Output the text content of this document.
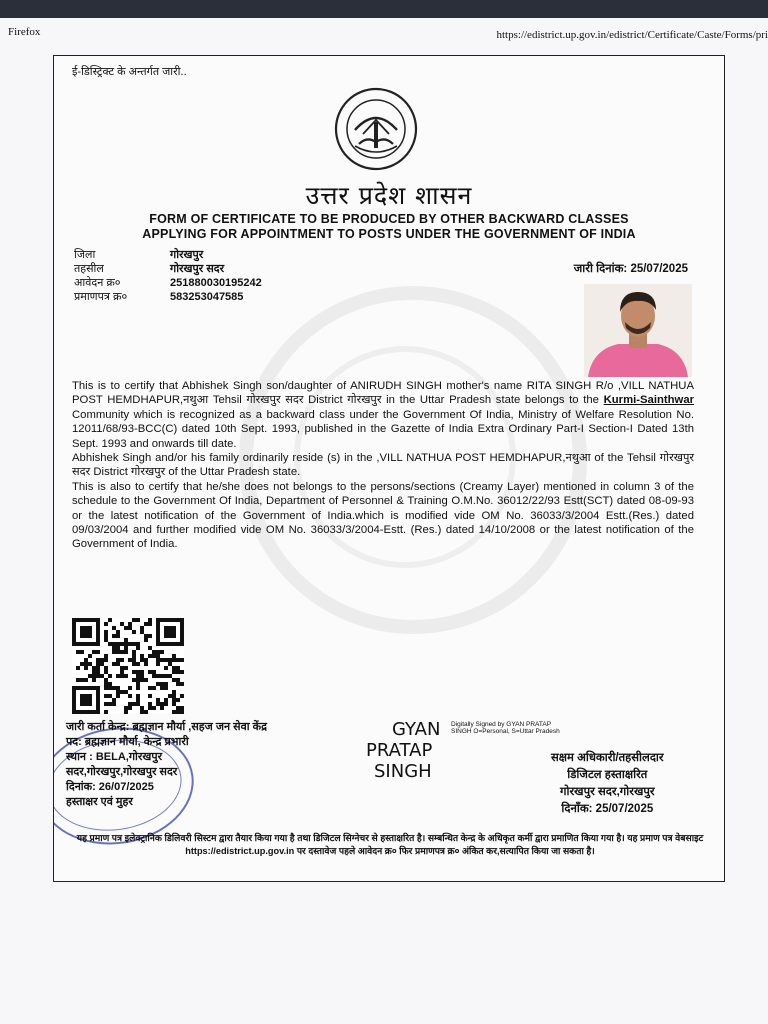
Firefox	https://edistrict.up.gov.in/edistrict/Certificate/Caste/Forms/pri
ई-डिस्ट्रिक्ट के अन्तर्गत जारी..
उत्तर प्रदेश शासन
FORM OF CERTIFICATE TO BE PRODUCED BY OTHER BACKWARD CLASSES
APPLYING FOR APPOINTMENT TO POSTS UNDER THE GOVERNMENT OF INDIA
जिला	गोरखपुर
तहसील	गोरखपुर सदर
आवेदन क्र०	251880030195242
प्रमाणपत्र क्र०	583253047585
जारी दिनांक: 25/07/2025

This is to certify that Abhishek Singh son/daughter of ANIRUDH SINGH mother's name RITA SINGH R/o ,VILL NATHUA POST HEMDHAPUR,नथुआ Tehsil गोरखपुर सदर District गोरखपुर in the Uttar Pradesh state belongs to the Kurmi-Sainthwar Community which is recognized as a backward class under the Government Of India, Ministry of Welfare Resolution No. 12011/68/93-BCC(C) dated 10th Sept. 1993, published in the Gazette of India Extra Ordinary Part-I Section-I Dated 13th Sept. 1993 and onwards till date.

Abhishek Singh and/or his family ordinarily reside (s) in the ,VILL NATHUA POST HEMDHAPUR,नथुआ of the Tehsil गोरखपुर सदर District गोरखपुर of the Uttar Pradesh state.

This is also to certify that he/she does not belongs to the persons/sections (Creamy Layer) mentioned in column 3 of the schedule to the Government Of India, Department of Personnel & Training O.M.No. 36012/22/93 Estt(SCT) dated 08-09-93 or the latest notification of the Government of India.which is modified vide OM No. 36033/3/2004 Estt.(Res.) dated 09/03/2004 and further modified vide OM No. 36033/3/2004-Estt. (Res.) dated 14/10/2008 or the latest notification of the Government of India.

जारी कर्ता केन्द्र: ब्रह्मज्ञान मौर्या ,सहज जन सेवा केंद्र
पद: ब्रह्मज्ञान मौर्या, केन्द्र प्रभारी
स्थान : BELA,गोरखपुर
सदर,गोरखपुर,गोरखपुर सदर
दिनांक: 26/07/2025
हस्ताक्षर एवं मुहर
GYAN
PRATAP
SINGH
Digitally Signed by GYAN PRATAP SINGH O=Personal, S=Uttar Pradesh
सक्षम अधिकारी/तहसीलदार
डिजिटल हस्ताक्षरित
गोरखपुर सदर,गोरखपुर
दिनाँक: 25/07/2025
यह प्रमाण पत्र इलेक्ट्रानिक डिलिवरी सिस्टम द्वारा तैयार किया गया है तथा डिजिटल सिग्नेचर से हस्ताक्षरित है। सम्बन्धित केन्द्र के अधिकृत कर्मी द्वारा प्रमाणित किया गया है। यह प्रमाण पत्र वेबसाइट https://edistrict.up.gov.in पर दस्तावेज पहले आवेदन क्र० फिर प्रमाणपत्र क्र० अंकित कर,सत्यापित किया जा सकता है।
